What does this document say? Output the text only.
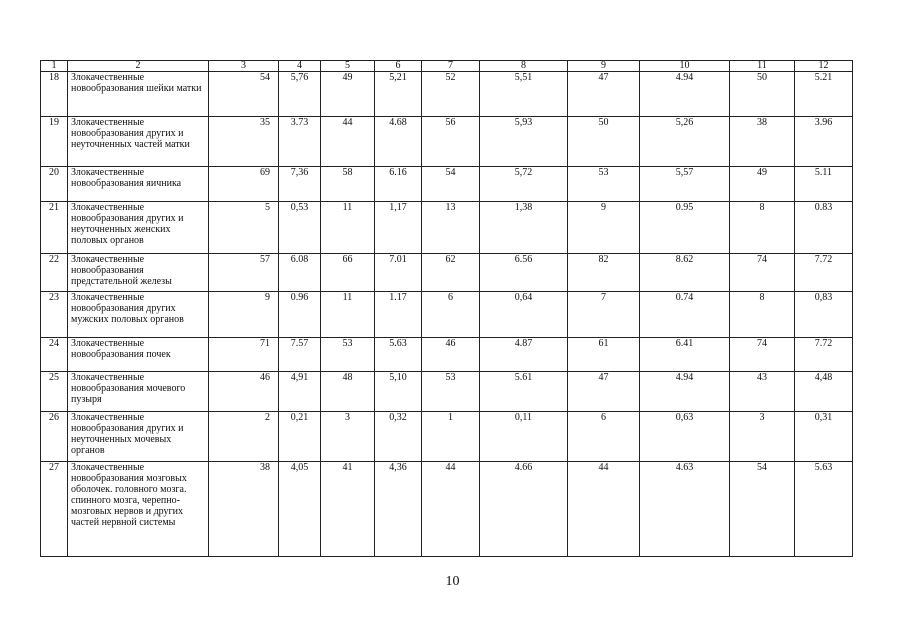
1	2	3	4	5	6	7	8	9	10	11	12
18	Злокачественные новообразования шейки матки	54	5,76	49	5,21	52	5,51	47	4.94	50	5.21
19	Злокачественные новообразования других и неуточненных частей матки	35	3.73	44	4.68	56	5,93	50	5,26	38	3.96
20	Злокачественные новообразования яичника	69	7,36	58	6.16	54	5,72	53	5,57	49	5.11
21	Злокачественные новообразования других и неуточненных женских половых органов	5	0,53	11	1,17	13	1,38	9	0.95	8	0.83
22	Злокачественные новообразования предстательной железы	57	6.08	66	7.01	62	6.56	82	8.62	74	7.72
23	Злокачественные новообразования других мужских половых органов	9	0.96	11	1.17	6	0,64	7	0.74	8	0,83
24	Злокачественные новообразования почек	71	7.57	53	5.63	46	4.87	61	6.41	74	7.72
25	Злокачественные новообразования мочевого пузыря	46	4,91	48	5,10	53	5.61	47	4.94	43	4,48
26	Злокачественные новообразования других и неуточненных мочевых органов	2	0,21	3	0,32	1	0,11	6	0,63	3	0,31
27	Злокачественные новообразования мозговых оболочек. головного мозга. спинного мозга, черепно-мозговых нервов и других частей нервной системы	38	4,05	41	4,36	44	4.66	44	4.63	54	5.63
10
